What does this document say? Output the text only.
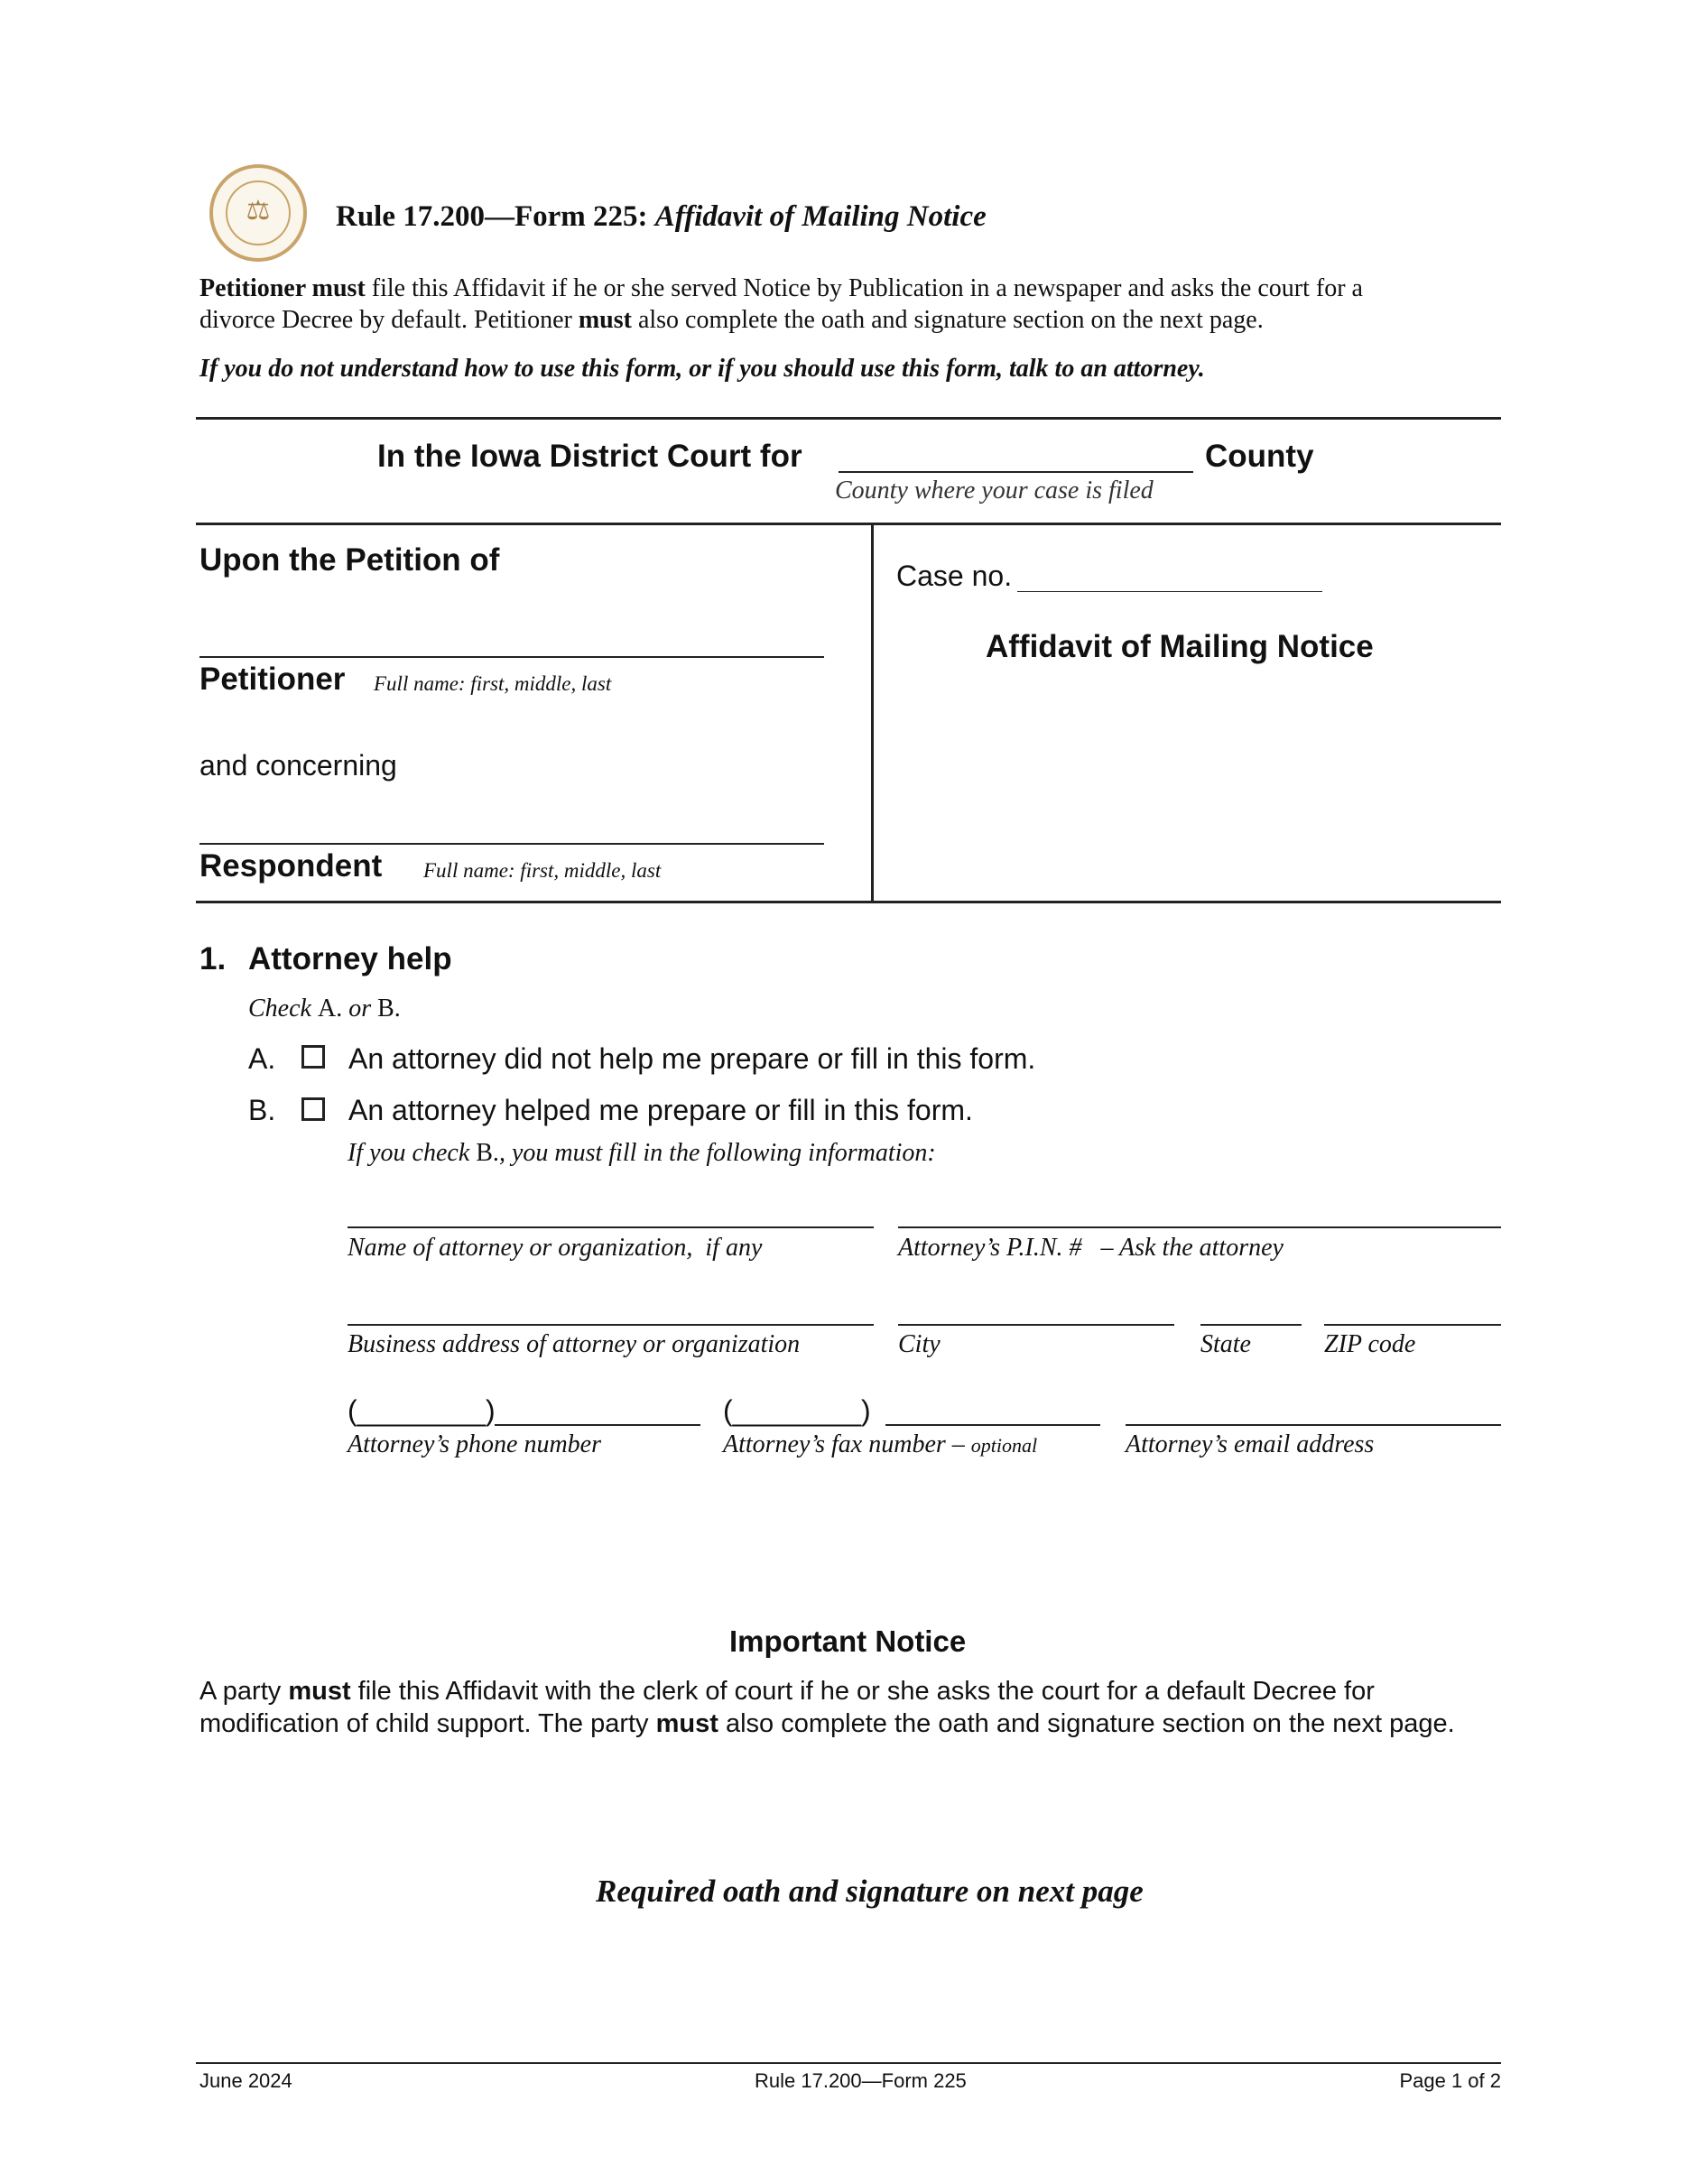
⚖	Rule 17.200—Form 225: Affidavit of Mailing Notice
Petitioner must file this Affidavit if he or she served Notice by Publication in a newspaper and asks the court for a
divorce Decree by default. Petitioner must also complete the oath and signature section on the next page.
If you do not understand how to use this form, or if you should use this form, talk to an attorney.
In the Iowa District Court for	County
County where your case is filed
Upon the Petition of
Petitioner Full name: first, middle, last
and concerning
Respondent Full name: first, middle, last
Case no.
Affidavit of Mailing Notice
1. Attorney help
Check A. or B.
A.	An attorney did not help me prepare or fill in this form.
B.	An attorney helped me prepare or fill in this form.
If you check B., you must fill in the following information:
Name of attorney or organization,  if any	Attorney’s P.I.N. #   – Ask the attorney
Business address of attorney or organization	City	State	ZIP code
(________)	(________)
Attorney’s phone number	Attorney’s fax number – optional	Attorney’s email address
Important Notice
A party must file this Affidavit with the clerk of court if he or she asks the court for a default Decree for
modification of child support. The party must also complete the oath and signature section on the next page.
Required oath and signature on next page
June 2024	Rule 17.200—Form 225	Page 1 of 2
